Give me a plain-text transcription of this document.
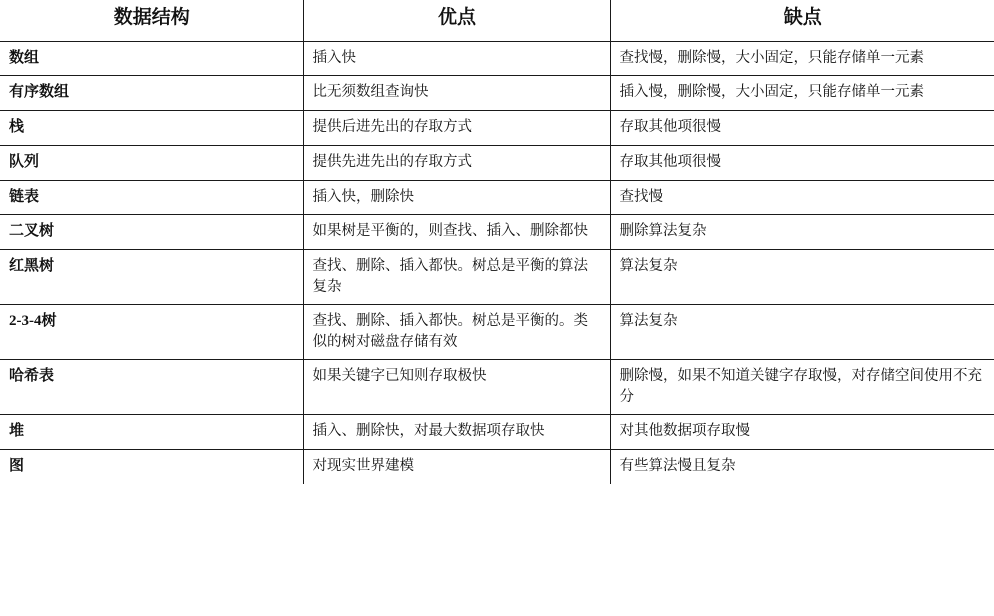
数据结构	优点	缺点
数组	插入快	查找慢，删除慢，大小固定，只能存储单一元素
有序数组	比无须数组查询快	插入慢，删除慢，大小固定，只能存储单一元素
栈	提供后进先出的存取方式	存取其他项很慢
队列	提供先进先出的存取方式	存取其他项很慢
链表	插入快，删除快	查找慢
二叉树	如果树是平衡的，则查找、插入、删除都快	删除算法复杂
红黑树	查找、删除、插入都快。树总是平衡的算法复杂	算法复杂
2-3-4树	查找、删除、插入都快。树总是平衡的。类似的树对磁盘存储有效	算法复杂
哈希表	如果关键字已知则存取极快	删除慢，如果不知道关键字存取慢，对存储空间使用不充分
堆	插入、删除快，对最大数据项存取快	对其他数据项存取慢
图	对现实世界建模	有些算法慢且复杂
